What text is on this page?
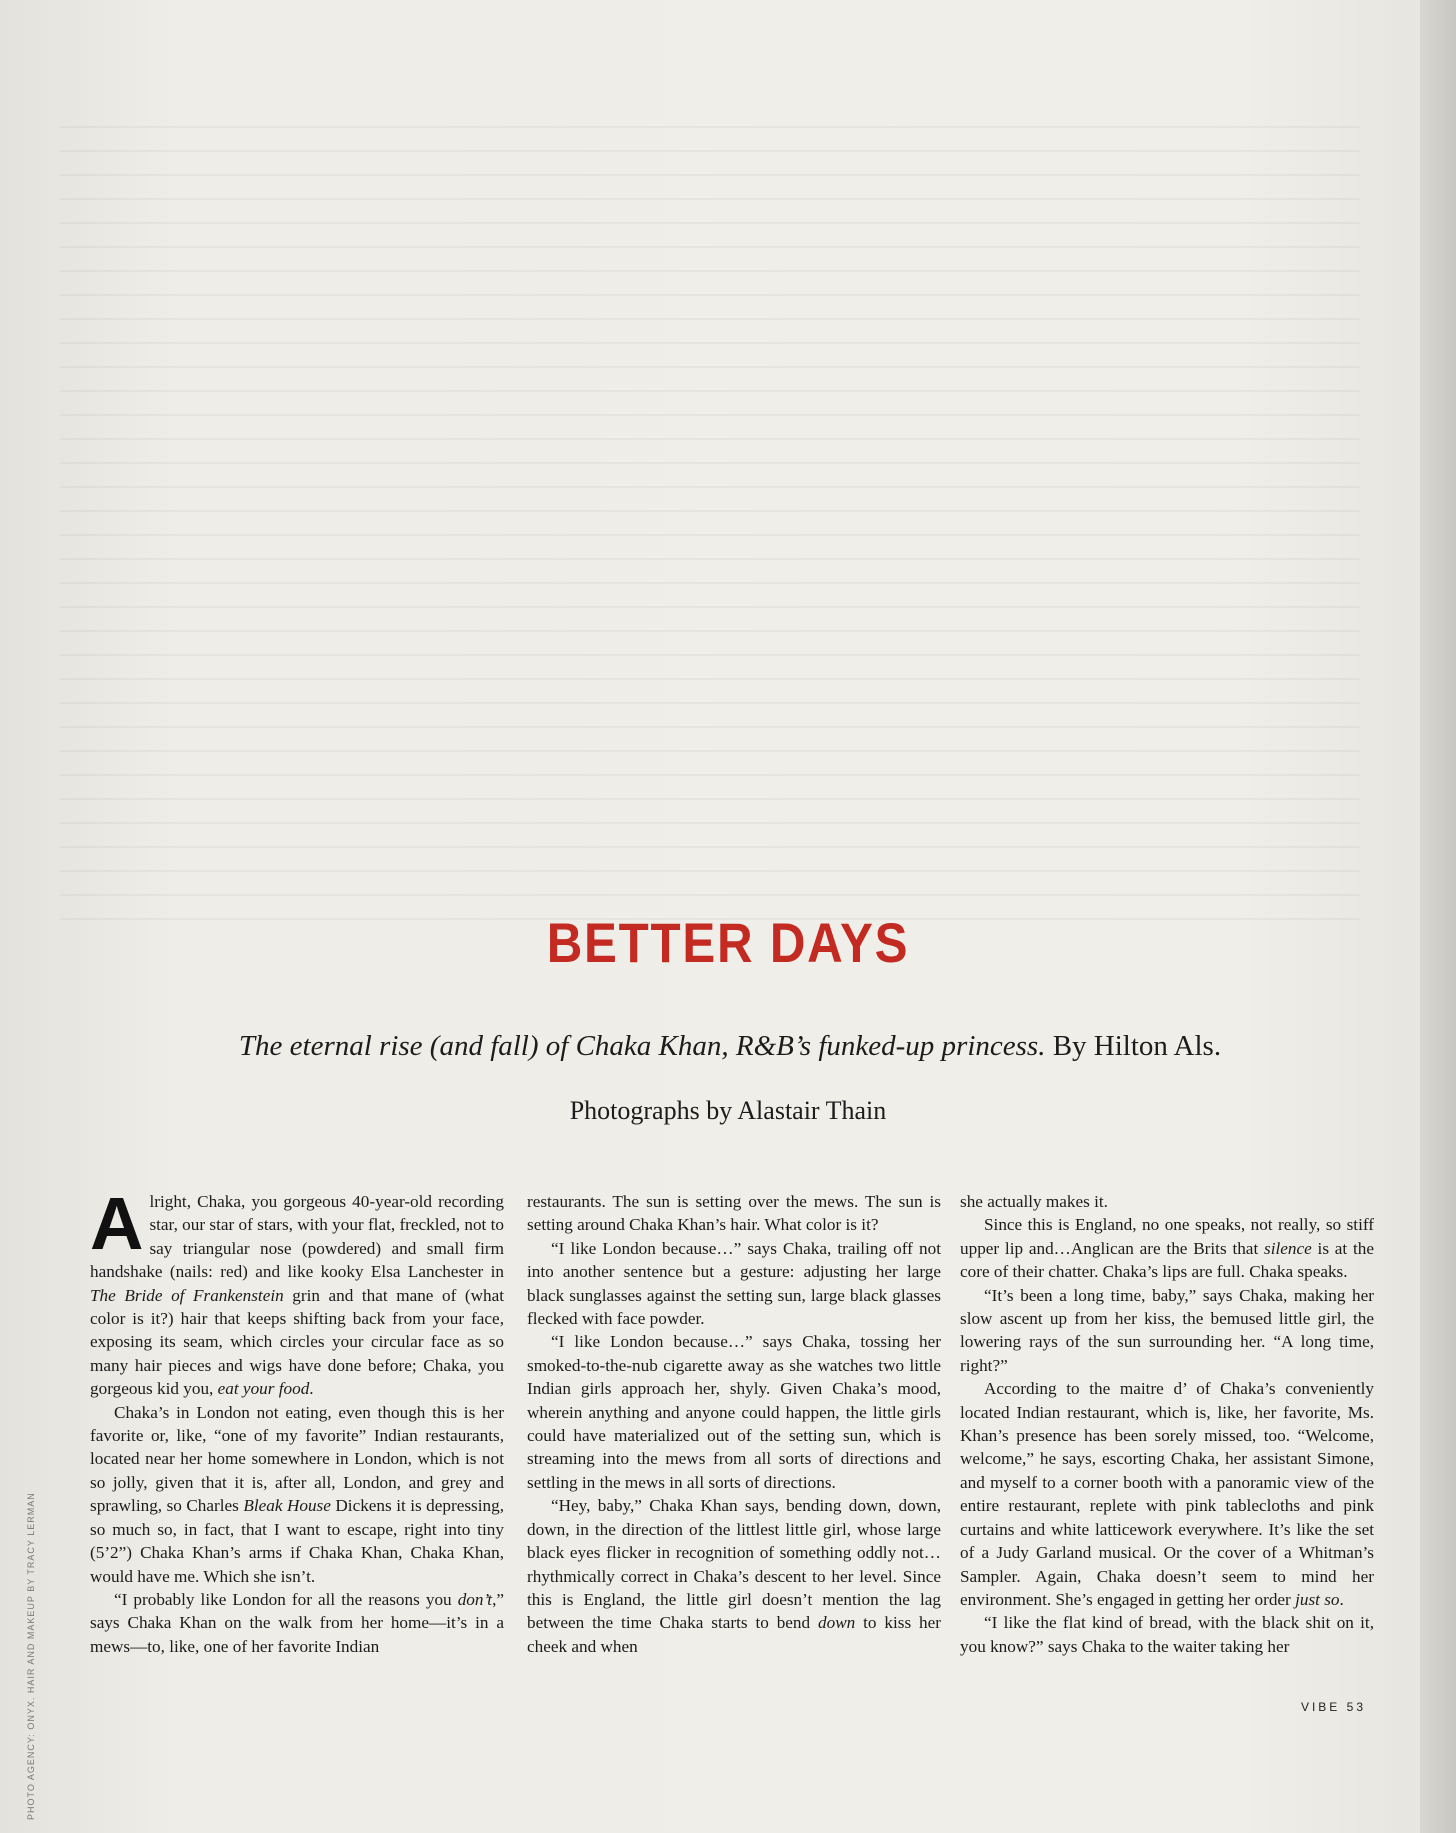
BETTER DAYS
The eternal rise (and fall) of Chaka Khan, R&B’s funked-up princess. By Hilton Als.
Photographs by Alastair Thain

Alright, Chaka, you gorgeous 40-year-old recording star, our star of stars, with your flat, freckled, not to say triangular nose (powdered) and small firm handshake (nails: red) and like kooky Elsa Lanchester in The Bride of Frankenstein grin and that mane of (what color is it?) hair that keeps shifting back from your face, exposing its seam, which circles your circular face as so many hair pieces and wigs have done before; Chaka, you gorgeous kid you, eat your food.

Chaka’s in London not eating, even though this is her favorite or, like, “one of my favorite” Indian restaurants, located near her home somewhere in London, which is not so jolly, given that it is, after all, London, and grey and sprawling, so Charles Bleak House Dickens it is depressing, so much so, in fact, that I want to escape, right into tiny (5’2”) Chaka Khan’s arms if Chaka Khan, Chaka Khan, would have me. Which she isn’t.

“I probably like London for all the reasons you don’t,” says Chaka Khan on the walk from her home—it’s in a mews—to, like, one of her favorite Indian

restaurants. The sun is setting over the mews. The sun is setting around Chaka Khan’s hair. What color is it?

“I like London because…” says Chaka, trailing off not into another sentence but a gesture: adjusting her large black sunglasses against the setting sun, large black glasses flecked with face powder.

“I like London because…” says Chaka, tossing her smoked-to-the-nub cigarette away as she watches two little Indian girls approach her, shyly. Given Chaka’s mood, wherein anything and anyone could happen, the little girls could have materialized out of the setting sun, which is streaming into the mews from all sorts of directions and settling in the mews in all sorts of directions.

“Hey, baby,” Chaka Khan says, bending down, down, down, in the direction of the littlest little girl, whose large black eyes flicker in recognition of something oddly not…rhythmically correct in Chaka’s descent to her level. Since this is England, the little girl doesn’t mention the lag between the time Chaka starts to bend down to kiss her cheek and when

she actually makes it.

Since this is England, no one speaks, not really, so stiff upper lip and…Anglican are the Brits that silence is at the core of their chatter. Chaka’s lips are full. Chaka speaks.

“It’s been a long time, baby,” says Chaka, making her slow ascent up from her kiss, the bemused little girl, the lowering rays of the sun surrounding her. “A long time, right?”

According to the maitre d’ of Chaka’s conveniently located Indian restaurant, which is, like, her favorite, Ms. Khan’s presence has been sorely missed, too. “Welcome, welcome,” he says, escorting Chaka, her assistant Simone, and myself to a corner booth with a panoramic view of the entire restaurant, replete with pink tablecloths and pink curtains and white latticework everywhere. It’s like the set of a Judy Garland musical. Or the cover of a Whitman’s Sampler. Again, Chaka doesn’t seem to mind her environment. She’s engaged in getting her order just so.

“I like the flat kind of bread, with the black shit on it, you know?” says Chaka to the waiter taking her

PHOTO AGENCY: ONYX. HAIR AND MAKEUP BY TRACY LERMAN	VIBE 53
